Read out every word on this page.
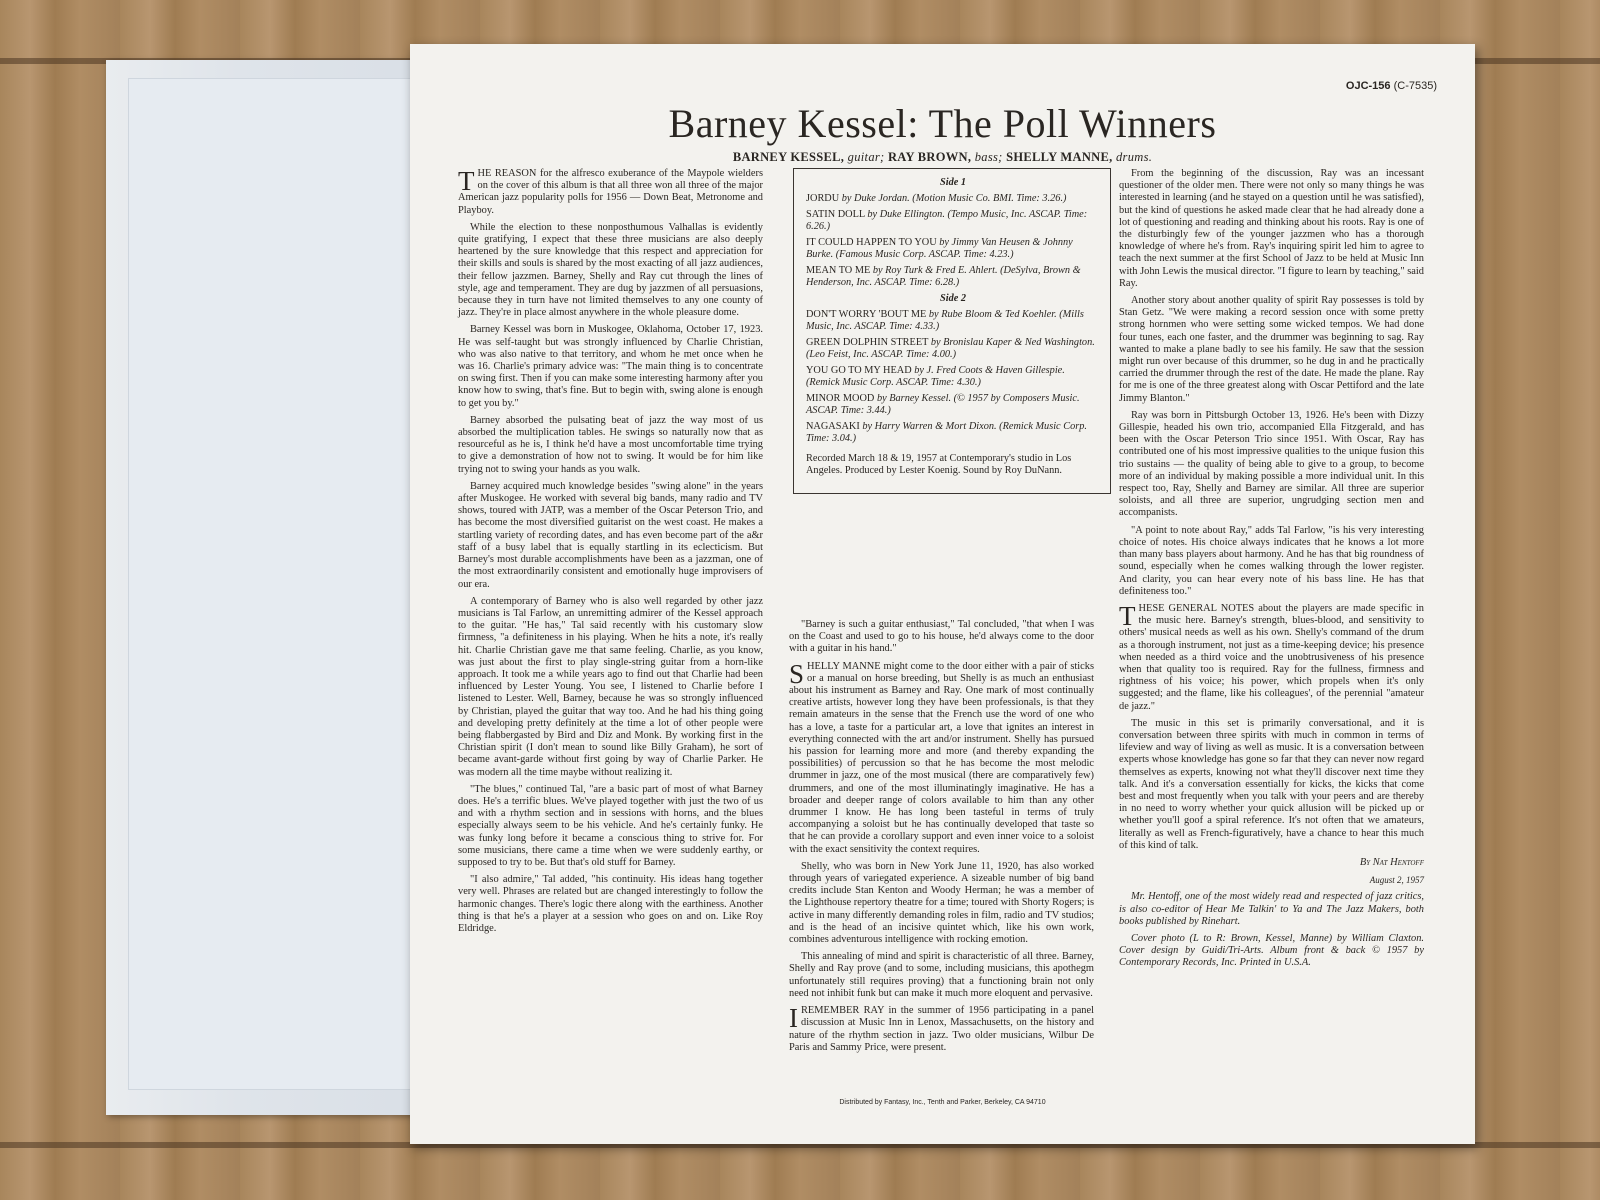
OJC-156 (C-7535)
Barney Kessel: The Poll Winners
BARNEY KESSEL, guitar; RAY BROWN, bass; SHELLY MANNE, drums.

THE REASON for the alfresco exuberance of the Maypole wielders on the cover of this album is that all three won all three of the major American jazz popularity polls for 1956 — Down Beat, Metronome and Playboy.

While the election to these nonposthumous Valhallas is evidently quite gratifying, I expect that these three musicians are also deeply heartened by the sure knowledge that this respect and appreciation for their skills and souls is shared by the most exacting of all jazz audiences, their fellow jazzmen. Barney, Shelly and Ray cut through the lines of style, age and temperament. They are dug by jazzmen of all persuasions, because they in turn have not limited themselves to any one county of jazz. They're in place almost anywhere in the whole pleasure dome.

Barney Kessel was born in Muskogee, Oklahoma, October 17, 1923. He was self-taught but was strongly influenced by Charlie Christian, who was also native to that territory, and whom he met once when he was 16. Charlie's primary advice was: "The main thing is to concentrate on swing first. Then if you can make some interesting harmony after you know how to swing, that's fine. But to begin with, swing alone is enough to get you by."

Barney absorbed the pulsating beat of jazz the way most of us absorbed the multiplication tables. He swings so naturally now that as resourceful as he is, I think he'd have a most uncomfortable time trying to give a demonstration of how not to swing. It would be for him like trying not to swing your hands as you walk.

Barney acquired much knowledge besides "swing alone" in the years after Muskogee. He worked with several big bands, many radio and TV shows, toured with JATP, was a member of the Oscar Peterson Trio, and has become the most diversified guitarist on the west coast. He makes a startling variety of recording dates, and has even become part of the a&r staff of a busy label that is equally startling in its eclecticism. But Barney's most durable accomplishments have been as a jazzman, one of the most extraordinarily consistent and emotionally huge improvisers of our era.

A contemporary of Barney who is also well regarded by other jazz musicians is Tal Farlow, an unremitting admirer of the Kessel approach to the guitar. "He has," Tal said recently with his customary slow firmness, "a definiteness in his playing. When he hits a note, it's really hit. Charlie Christian gave me that same feeling. Charlie, as you know, was just about the first to play single-string guitar from a horn-like approach. It took me a while years ago to find out that Charlie had been influenced by Lester Young. You see, I listened to Charlie before I listened to Lester. Well, Barney, because he was so strongly influenced by Christian, played the guitar that way too. And he had his thing going and developing pretty definitely at the time a lot of other people were being flabbergasted by Bird and Diz and Monk. By working first in the Christian spirit (I don't mean to sound like Billy Graham), he sort of became avant-garde without first going by way of Charlie Parker. He was modern all the time maybe without realizing it.

"The blues," continued Tal, "are a basic part of most of what Barney does. He's a terrific blues. We've played together with just the two of us and with a rhythm section and in sessions with horns, and the blues especially always seem to be his vehicle. And he's certainly funky. He was funky long before it became a conscious thing to strive for. For some musicians, there came a time when we were suddenly earthy, or supposed to try to be. But that's old stuff for Barney.

"I also admire," Tal added, "his continuity. His ideas hang together very well. Phrases are related but are changed interestingly to follow the harmonic changes. There's logic there along with the earthiness. Another thing is that he's a player at a session who goes on and on. Like Roy Eldridge.

Side 1

JORDU by Duke Jordan. (Motion Music Co. BMI. Time: 3.26.)

SATIN DOLL by Duke Ellington. (Tempo Music, Inc. ASCAP. Time: 6.26.)

IT COULD HAPPEN TO YOU by Jimmy Van Heusen & Johnny Burke. (Famous Music Corp. ASCAP. Time: 4.23.)

MEAN TO ME by Roy Turk & Fred E. Ahlert. (DeSylva, Brown & Henderson, Inc. ASCAP. Time: 6.28.)

Side 2

DON'T WORRY 'BOUT ME by Rube Bloom & Ted Koehler. (Mills Music, Inc. ASCAP. Time: 4.33.)

GREEN DOLPHIN STREET by Bronislau Kaper & Ned Washington. (Leo Feist, Inc. ASCAP. Time: 4.00.)

YOU GO TO MY HEAD by J. Fred Coots & Haven Gillespie. (Remick Music Corp. ASCAP. Time: 4.30.)

MINOR MOOD by Barney Kessel. (© 1957 by Composers Music. ASCAP. Time: 3.44.)

NAGASAKI by Harry Warren & Mort Dixon. (Remick Music Corp. Time: 3.04.)

Recorded March 18 & 19, 1957 at Contemporary's studio in Los Angeles. Produced by Lester Koenig. Sound by Roy DuNann.

"Barney is such a guitar enthusiast," Tal concluded, "that when I was on the Coast and used to go to his house, he'd always come to the door with a guitar in his hand."

SHELLY MANNE might come to the door either with a pair of sticks or a manual on horse breeding, but Shelly is as much an enthusiast about his instrument as Barney and Ray. One mark of most continually creative artists, however long they have been professionals, is that they remain amateurs in the sense that the French use the word of one who has a love, a taste for a particular art, a love that ignites an interest in everything connected with the art and/or instrument. Shelly has pursued his passion for learning more and more (and thereby expanding the possibilities) of percussion so that he has become the most melodic drummer in jazz, one of the most musical (there are comparatively few) drummers, and one of the most illuminatingly imaginative. He has a broader and deeper range of colors available to him than any other drummer I know. He has long been tasteful in terms of truly accompanying a soloist but he has continually developed that taste so that he can provide a corollary support and even inner voice to a soloist with the exact sensitivity the context requires.

Shelly, who was born in New York June 11, 1920, has also worked through years of variegated experience. A sizeable number of big band credits include Stan Kenton and Woody Herman; he was a member of the Lighthouse repertory theatre for a time; toured with Shorty Rogers; is active in many differently demanding roles in film, radio and TV studios; and is the head of an incisive quintet which, like his own work, combines adventurous intelligence with rocking emotion.

This annealing of mind and spirit is characteristic of all three. Barney, Shelly and Ray prove (and to some, including musicians, this apothegm unfortunately still requires proving) that a functioning brain not only need not inhibit funk but can make it much more eloquent and pervasive.

IREMEMBER RAY in the summer of 1956 participating in a panel discussion at Music Inn in Lenox, Massachusetts, on the history and nature of the rhythm section in jazz. Two older musicians, Wilbur De Paris and Sammy Price, were present.

From the beginning of the discussion, Ray was an incessant questioner of the older men. There were not only so many things he was interested in learning (and he stayed on a question until he was satisfied), but the kind of questions he asked made clear that he had already done a lot of questioning and reading and thinking about his roots. Ray is one of the disturbingly few of the younger jazzmen who has a thorough knowledge of where he's from. Ray's inquiring spirit led him to agree to teach the next summer at the first School of Jazz to be held at Music Inn with John Lewis the musical director. "I figure to learn by teaching," said Ray.

Another story about another quality of spirit Ray possesses is told by Stan Getz. "We were making a record session once with some pretty strong hornmen who were setting some wicked tempos. We had done four tunes, each one faster, and the drummer was beginning to sag. Ray wanted to make a plane badly to see his family. He saw that the session might run over because of this drummer, so he dug in and he practically carried the drummer through the rest of the date. He made the plane. Ray for me is one of the three greatest along with Oscar Pettiford and the late Jimmy Blanton."

Ray was born in Pittsburgh October 13, 1926. He's been with Dizzy Gillespie, headed his own trio, accompanied Ella Fitzgerald, and has been with the Oscar Peterson Trio since 1951. With Oscar, Ray has contributed one of his most impressive qualities to the unique fusion this trio sustains — the quality of being able to give to a group, to become more of an individual by making possible a more individual unit. In this respect too, Ray, Shelly and Barney are similar. All three are superior soloists, and all three are superior, ungrudging section men and accompanists.

"A point to note about Ray," adds Tal Farlow, "is his very interesting choice of notes. His choice always indicates that he knows a lot more than many bass players about harmony. And he has that big roundness of sound, especially when he comes walking through the lower register. And clarity, you can hear every note of his bass line. He has that definiteness too."

THESE GENERAL NOTES about the players are made specific in the music here. Barney's strength, blues-blood, and sensitivity to others' musical needs as well as his own. Shelly's command of the drum as a thorough instrument, not just as a time-keeping device; his presence when needed as a third voice and the unobtrusiveness of his presence when that quality too is required. Ray for the fullness, firmness and rightness of his voice; his power, which propels when it's only suggested; and the flame, like his colleagues', of the perennial "amateur de jazz."

The music in this set is primarily conversational, and it is conversation between three spirits with much in common in terms of lifeview and way of living as well as music. It is a conversation between experts whose knowledge has gone so far that they can never now regard themselves as experts, knowing not what they'll discover next time they talk. And it's a conversation essentially for kicks, the kicks that come best and most frequently when you talk with your peers and are thereby in no need to worry whether your quick allusion will be picked up or whether you'll goof a spiral reference. It's not often that we amateurs, literally as well as French-figuratively, have a chance to hear this much of this kind of talk.

By Nat Hentoff

August 2, 1957

Mr. Hentoff, one of the most widely read and respected of jazz critics, is also co-editor of Hear Me Talkin' to Ya and The Jazz Makers, both books published by Rinehart.

Cover photo (L to R: Brown, Kessel, Manne) by William Claxton. Cover design by Guidi/Tri-Arts. Album front & back © 1957 by Contemporary Records, Inc. Printed in U.S.A.

Distributed by Fantasy, Inc., Tenth and Parker, Berkeley, CA 94710
